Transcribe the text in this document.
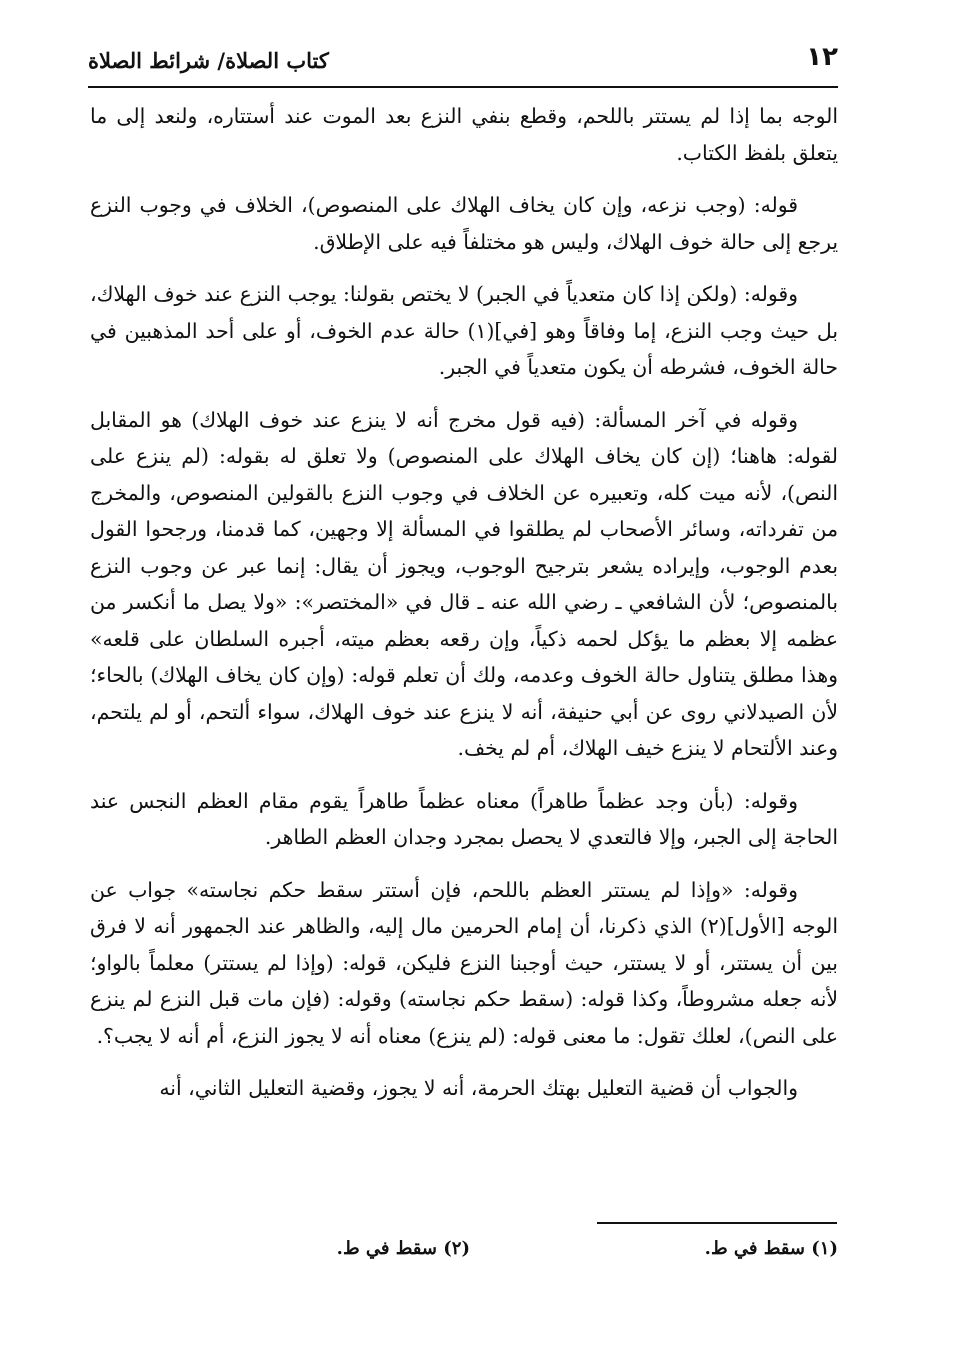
١٢
كتاب الصلاة/ شرائط الصلاة

الوجه بما إذا لم يستتر باللحم، وقطع بنفي النزع بعد الموت عند أستتاره، ولنعد إلى ما يتعلق بلفظ الكتاب.

قوله: (وجب نزعه، وإن كان يخاف الهلاك على المنصوص)، الخلاف في وجوب النزع يرجع إلى حالة خوف الهلاك، وليس هو مختلفاً فيه على الإطلاق.

وقوله: (ولكن إذا كان متعدياً في الجبر) لا يختص بقولنا: يوجب النزع عند خوف الهلاك، بل حيث وجب النزع، إما وفاقاً وهو [في](١) حالة عدم الخوف، أو على أحد المذهبين في حالة الخوف، فشرطه أن يكون متعدياً في الجبر.

وقوله في آخر المسألة: (فيه قول مخرج أنه لا ينزع عند خوف الهلاك) هو المقابل لقوله: هاهنا؛ (إن كان يخاف الهلاك على المنصوص) ولا تعلق له بقوله: (لم ينزع على النص)، لأنه ميت كله، وتعبيره عن الخلاف في وجوب النزع بالقولين المنصوص، والمخرج من تفرداته، وسائر الأصحاب لم يطلقوا في المسألة إلا وجهين، كما قدمنا، ورجحوا القول بعدم الوجوب، وإيراده يشعر بترجيح الوجوب، ويجوز أن يقال: إنما عبر عن وجوب النزع بالمنصوص؛ لأن الشافعي ـ رضي الله عنه ـ قال في «المختصر»: «ولا يصل ما أنكسر من عظمه إلا بعظم ما يؤكل لحمه ذكياً، وإن رقعه بعظم ميته، أجبره السلطان على قلعه» وهذا مطلق يتناول حالة الخوف وعدمه، ولك أن تعلم قوله: (وإن كان يخاف الهلاك) بالحاء؛ لأن الصيدلاني روى عن أبي حنيفة، أنه لا ينزع عند خوف الهلاك، سواء ألتحم، أو لم يلتحم، وعند الألتحام لا ينزع خيف الهلاك، أم لم يخف.

وقوله: (بأن وجد عظماً طاهراً) معناه عظماً طاهراً يقوم مقام العظم النجس عند الحاجة إلى الجبر، وإلا فالتعدي لا يحصل بمجرد وجدان العظم الطاهر.

وقوله: «وإذا لم يستتر العظم باللحم، فإن أستتر سقط حكم نجاسته» جواب عن الوجه [الأول](٢) الذي ذكرنا، أن إمام الحرمين مال إليه، والظاهر عند الجمهور أنه لا فرق بين أن يستتر، أو لا يستتر، حيث أوجبنا النزع فليكن، قوله: (وإذا لم يستتر) معلماً بالواو؛ لأنه جعله مشروطاً، وكذا قوله: (سقط حكم نجاسته) وقوله: (فإن مات قبل النزع لم ينزع على النص)، لعلك تقول: ما معنى قوله: (لم ينزع) معناه أنه لا يجوز النزع، أم أنه لا يجب؟.

والجواب أن قضية التعليل بهتك الحرمة، أنه لا يجوز، وقضية التعليل الثاني، أنه

(١) سقط في ط.
(٢) سقط في ط.
